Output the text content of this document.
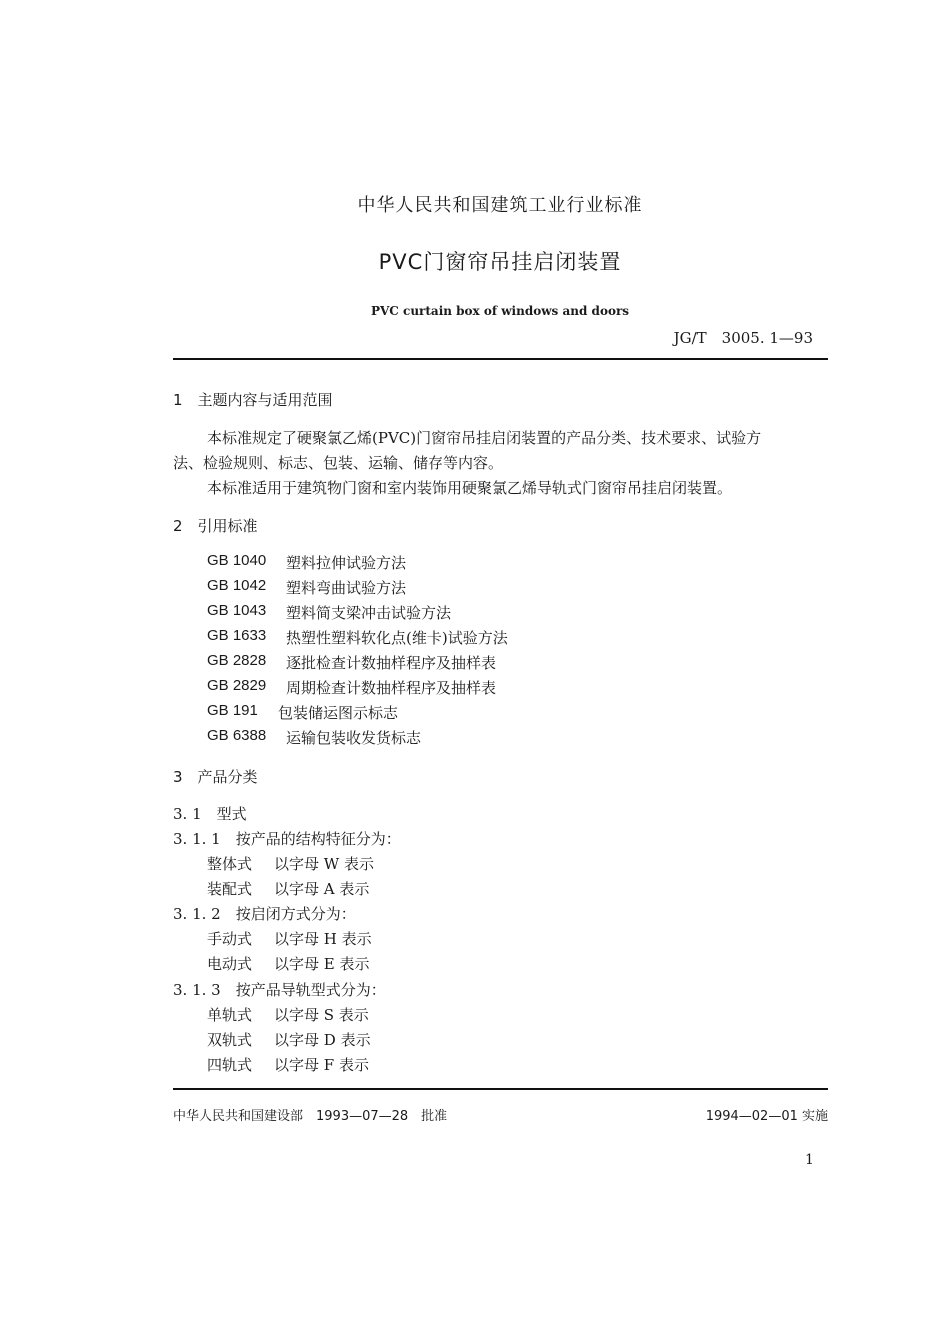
中华人民共和国建筑工业行业标准
PVC门窗帘吊挂启闭装置
PVC curtain box of windows and doors
JG/T　3005. 1—93
1　主题内容与适用范围
本标准规定了硬聚氯乙烯(PVC)门窗帘吊挂启闭装置的产品分类、技术要求、试验方
法、检验规则、标志、包装、运输、储存等内容。
本标准适用于建筑物门窗和室内装饰用硬聚氯乙烯导轨式门窗帘吊挂启闭装置。
2　引用标准
GB 1040 塑料拉伸试验方法
GB 1042 塑料弯曲试验方法
GB 1043 塑料简支梁冲击试验方法
GB 1633 热塑性塑料软化点(维卡)试验方法
GB 2828 逐批检查计数抽样程序及抽样表
GB 2829 周期检查计数抽样程序及抽样表
GB 191 包装储运图示标志
GB 6388 运输包装收发货标志
3　产品分类
3. 1　型式
3. 1. 1　按产品的结构特征分为：
整体式 以字母 W 表示
装配式 以字母 A 表示
3. 1. 2　按启闭方式分为：
手动式 以字母 H 表示
电动式 以字母 E 表示
3. 1. 3　按产品导轨型式分为：
单轨式 以字母 S 表示
双轨式 以字母 D 表示
四轨式 以字母 F 表示
中华人民共和国建设部　1993—07—28　批准	1994—02—01 实施
1
